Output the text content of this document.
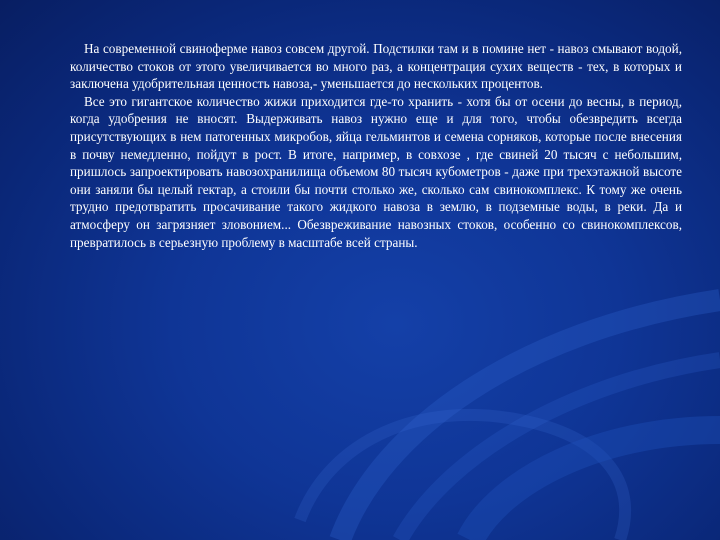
На современной свиноферме навоз совсем другой. Подстилки там и в помине нет - навоз смывают водой, количество стоков от этого увеличивается во много раз, а концентрация сухих веществ - тех, в которых и заключена удобрительная ценность навоза,- уменьшается до нескольких процентов.

Все это гигантское количество жижи приходится где-то хранить - хотя бы от осени до весны, в период, когда удобрения не вносят. Выдерживать навоз нужно еще и для того, чтобы обезвредить всегда присутствующих в нем патогенных микробов, яйца гельминтов и семена сорняков, которые после внесения в почву немедленно, пойдут в рост. В итоге, например, в совхозе , где свиней 20 тысяч с небольшим, пришлось запроектировать навозохранилища объемом 80 тысяч кубометров - даже при трехэтажной высоте они заняли бы целый гектар, а стоили бы почти столько же, сколько сам свинокомплекс. К тому же очень трудно предотвратить просачивание такого жидкого навоза в землю, в подземные воды, в реки. Да и атмосферу он загрязняет зловонием... Обезвреживание навозных стоков, особенно со свинокомплексов, превратилось в серьезную проблему в масштабе всей страны.
